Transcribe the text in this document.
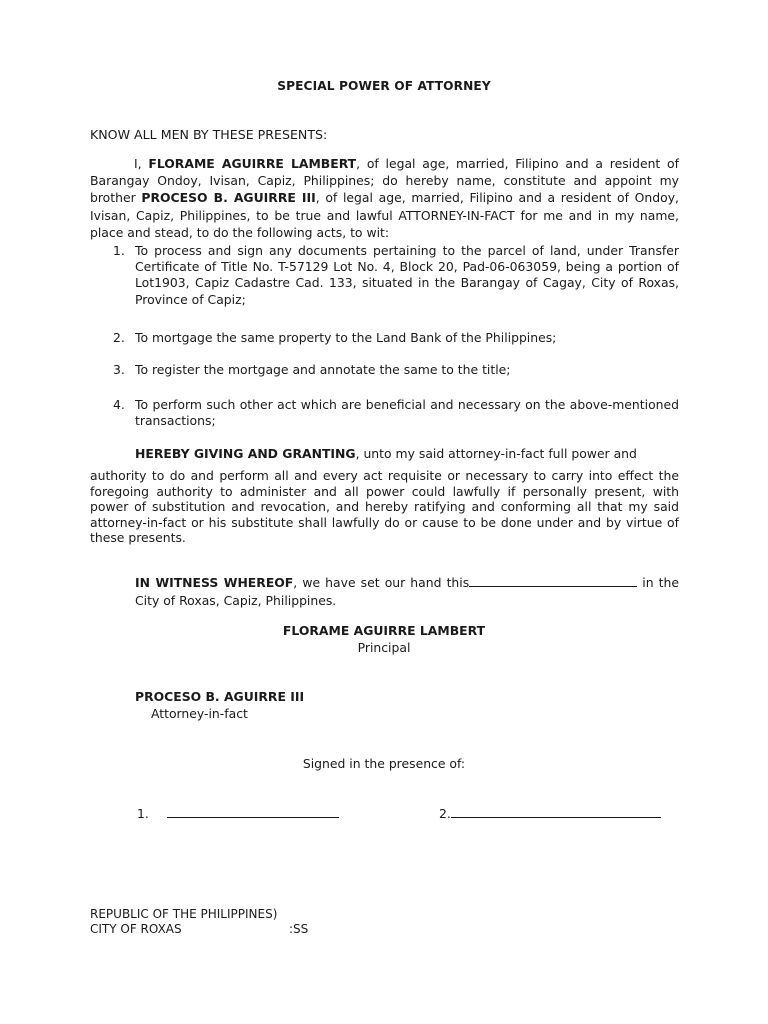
SPECIAL POWER OF ATTORNEY
KNOW ALL MEN BY THESE PRESENTS:
I, FLORAME AGUIRRE LAMBERT, of legal age, married, Filipino and a resident of Barangay Ondoy, Ivisan, Capiz, Philippines; do hereby name, constitute and appoint my brother PROCESO B. AGUIRRE III, of legal age, married, Filipino and a resident of Ondoy, Ivisan, Capiz, Philippines, to be true and lawful ATTORNEY-IN-FACT for me and in my name, place and stead, to do the following acts, to wit:
1. To process and sign any documents pertaining to the parcel of land, under Transfer Certificate of Title No. T-57129 Lot No. 4, Block 20, Pad-06-063059, being a portion of Lot1903, Capiz Cadastre Cad. 133, situated in the Barangay of Cagay, City of Roxas, Province of Capiz;
2. To mortgage the same property to the Land Bank of the Philippines;
3. To register the mortgage and annotate the same to the title;
4. To perform such other act which are beneficial and necessary on the above-mentioned transactions;
HEREBY GIVING AND GRANTING, unto my said attorney-in-fact full power and
authority to do and perform all and every act requisite or necessary to carry into effect the foregoing authority to administer and all power could lawfully if personally present, with power of substitution and revocation, and hereby ratifying and conforming all that my said attorney-in-fact or his substitute shall lawfully do or cause to be done under and by virtue of these presents.
IN WITNESS WHEREOF, we have set our hand this	in the City of Roxas, Capiz, Philippines.
FLORAME AGUIRRE LAMBERT
Principal
PROCESO B. AGUIRRE III
Attorney-in-fact
Signed in the presence of:
1.	2.
REPUBLIC OF THE PHILIPPINES)
CITY OF ROXAS	:SS
